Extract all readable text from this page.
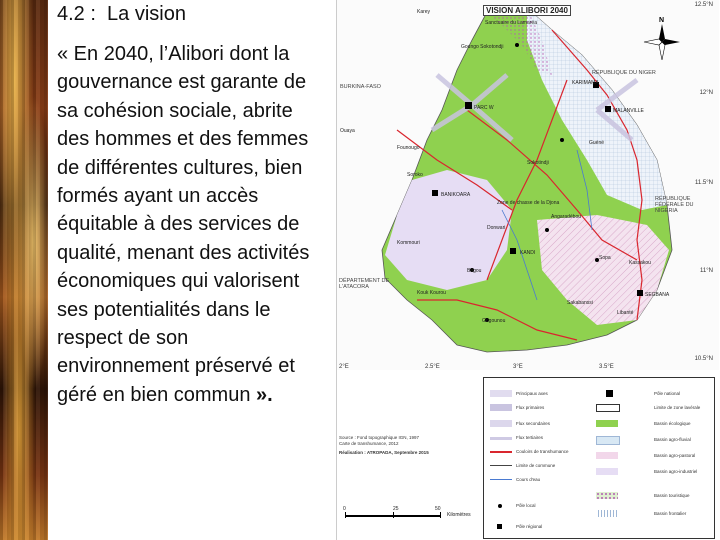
4.2 :  La vision
« En 2040, l’Alibori dont la gouvernance est garante de sa cohésion sociale, abrite des hommes et des femmes de différentes cultures, bien formés ayant un accès équitable à des services de qualité, menant des activités économiques qui valorisent ses potentialités dans le respect de son environnement préservé et géré en bien commun ».
N
VISION ALIBORI 2040
12.5°N
12°N
11.5°N
11°N
10.5°N
2°E	2.5°E	3°E	3.5°E
Karey
Sanctuaire du Lamaréa
Goungo Sokotondji
KARIMAMA
PARC W	MALANVILLE
Guéné
Founougo
BANIKOARA
Soroko
KANDI
SEGBANA
Sakabanssi
Libanté
Sopa
Kassakou
Gogounou
Bagou
Kouk Kourou
Donwari
Zone de chasse de la Djona
Angaradébou
Ouaya
Sokotindji
Kommouri
BURKINA-FASO
RÉPUBLIQUE DU NIGER
RÉPUBLIQUE FÉDÉRALE DU NIGERIA
DÉPARTEMENT DE L'ATACORA
Principaux axes
Flux primaires
Flux secondaires
Flux tertiaires
Couloirs de transhumance
Limite de commune
Cours d'eau
Pôle local
Pôle régional
Pôle national
Limite de zone lavérale
Bassin écologique
Bassin agro-fluvial
Bassin agro-pastoral
Bassin agro-industriel
Bassin touristique
Bassin frontalier
Source : Fond topographique IGN, 1997
Carte de transhumance, 2012
Réalisation : ATROPADA, Septembre 2015
0	25	50
Kilomètres
